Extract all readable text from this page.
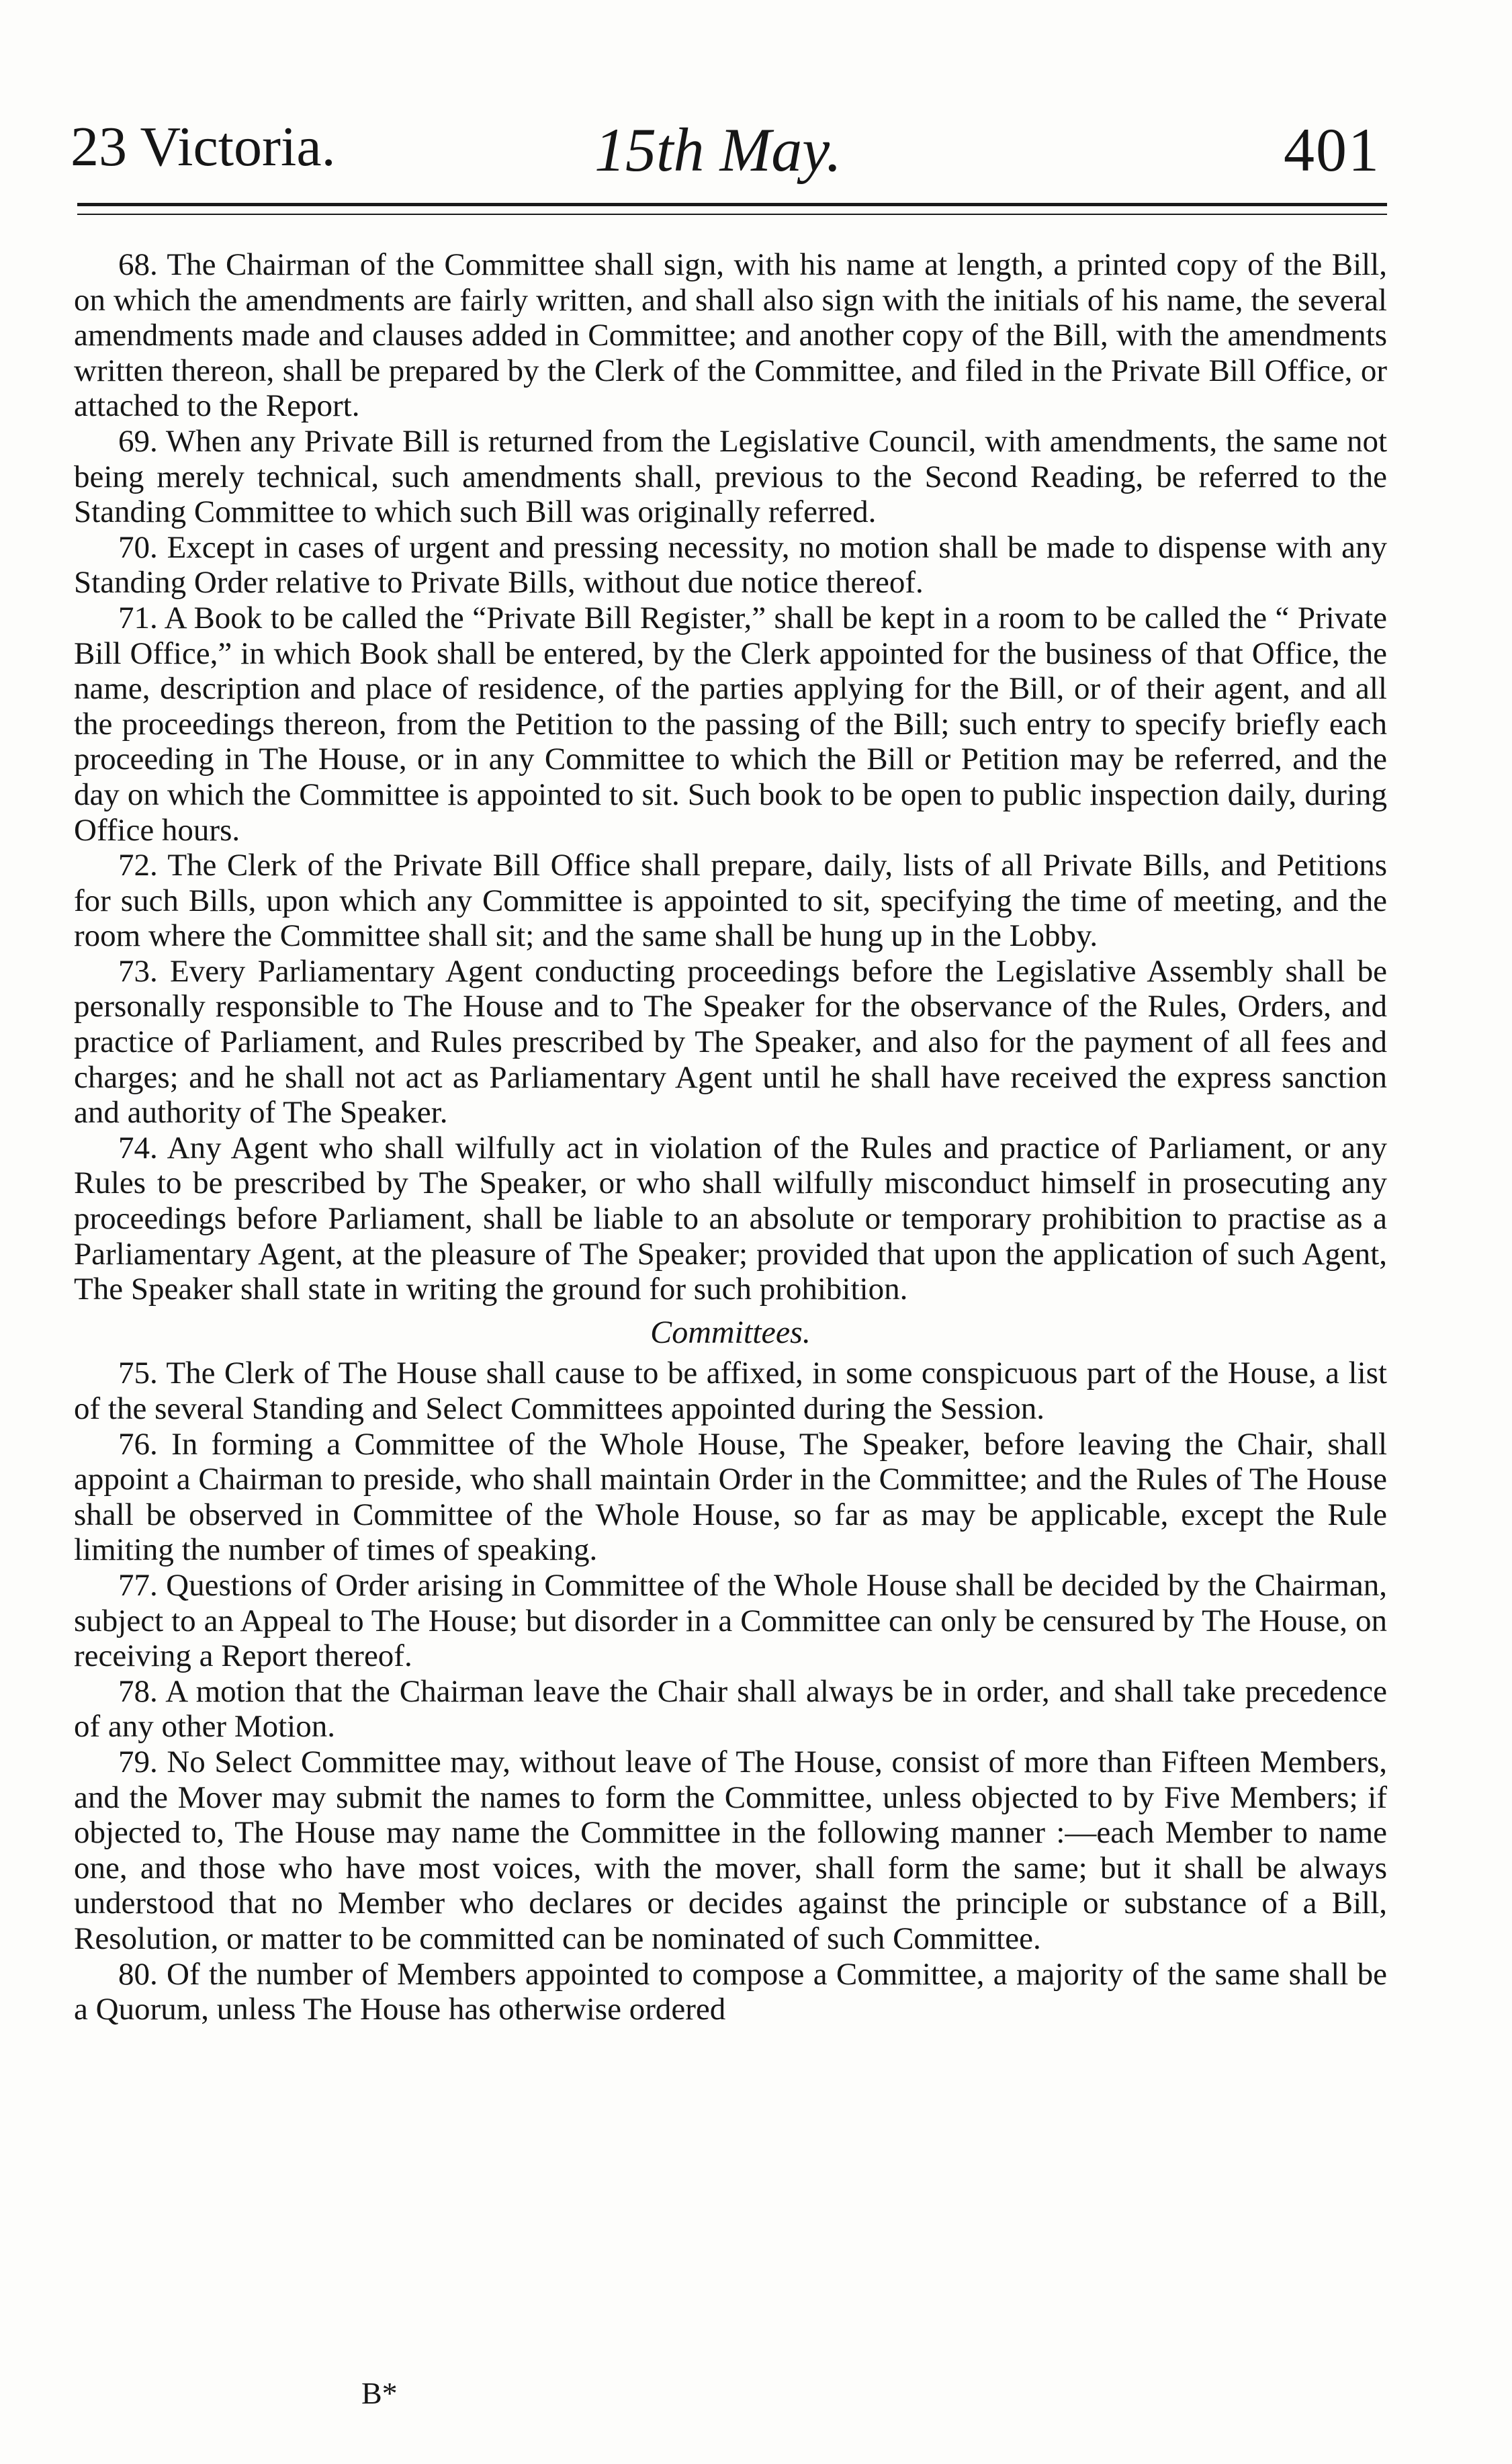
23 Victoria.	15th May.	401

68. The Chairman of the Committee shall sign, with his name at length, a printed copy of the Bill, on which the amendments are fairly written, and shall also sign with the initials of his name, the several amendments made and clauses added in Committee; and another copy of the Bill, with the amendments written thereon, shall be prepared by the Clerk of the Committee, and filed in the Private Bill Office, or attached to the Report.

69. When any Private Bill is returned from the Legislative Council, with amendments, the same not being merely technical, such amendments shall, previous to the Second Reading, be referred to the Standing Committee to which such Bill was originally referred.

70. Except in cases of urgent and pressing necessity, no motion shall be made to dispense with any Standing Order relative to Private Bills, without due notice thereof.

71. A Book to be called the “Private Bill Register,” shall be kept in a room to be called the “ Private Bill Office,” in which Book shall be entered, by the Clerk appointed for the business of that Office, the name, description and place of residence, of the parties applying for the Bill, or of their agent, and all the proceedings thereon, from the Petition to the passing of the Bill; such entry to specify briefly each proceeding in The House, or in any Committee to which the Bill or Petition may be referred, and the day on which the Committee is appointed to sit. Such book to be open to public inspection daily, during Office hours.

72. The Clerk of the Private Bill Office shall prepare, daily, lists of all Private Bills, and Petitions for such Bills, upon which any Committee is appointed to sit, specifying the time of meeting, and the room where the Committee shall sit; and the same shall be hung up in the Lobby.

73. Every Parliamentary Agent conducting proceedings before the Legislative Assembly shall be personally responsible to The House and to The Speaker for the observance of the Rules, Orders, and practice of Parliament, and Rules prescribed by The Speaker, and also for the payment of all fees and charges; and he shall not act as Parliamentary Agent until he shall have received the express sanction and authority of The Speaker.

74. Any Agent who shall wilfully act in violation of the Rules and practice of Parliament, or any Rules to be prescribed by The Speaker, or who shall wilfully misconduct himself in prosecuting any proceedings before Parliament, shall be liable to an absolute or temporary prohibition to practise as a Parliamentary Agent, at the pleasure of The Speaker; provided that upon the application of such Agent, The Speaker shall state in writing the ground for such prohibition.

Committees.

75. The Clerk of The House shall cause to be affixed, in some conspicuous part of the House, a list of the several Standing and Select Committees appointed during the Session.

76. In forming a Committee of the Whole House, The Speaker, before leaving the Chair, shall appoint a Chairman to preside, who shall maintain Order in the Committee; and the Rules of The House shall be observed in Committee of the Whole House, so far as may be applicable, except the Rule limiting the number of times of speaking.

77. Questions of Order arising in Committee of the Whole House shall be decided by the Chairman, subject to an Appeal to The House; but disorder in a Committee can only be censured by The House, on receiving a Report thereof.

78. A motion that the Chairman leave the Chair shall always be in order, and shall take precedence of any other Motion.

79. No Select Committee may, without leave of The House, consist of more than Fifteen Members, and the Mover may submit the names to form the Committee, unless objected to by Five Members; if objected to, The House may name the Committee in the following manner :—each Member to name one, and those who have most voices, with the mover, shall form the same; but it shall be always understood that no Member who declares or decides against the principle or substance of a Bill, Resolution, or matter to be committed can be nominated of such Committee.

80. Of the number of Members appointed to compose a Committee, a majority of the same shall be a Quorum, unless The House has otherwise ordered

B*
